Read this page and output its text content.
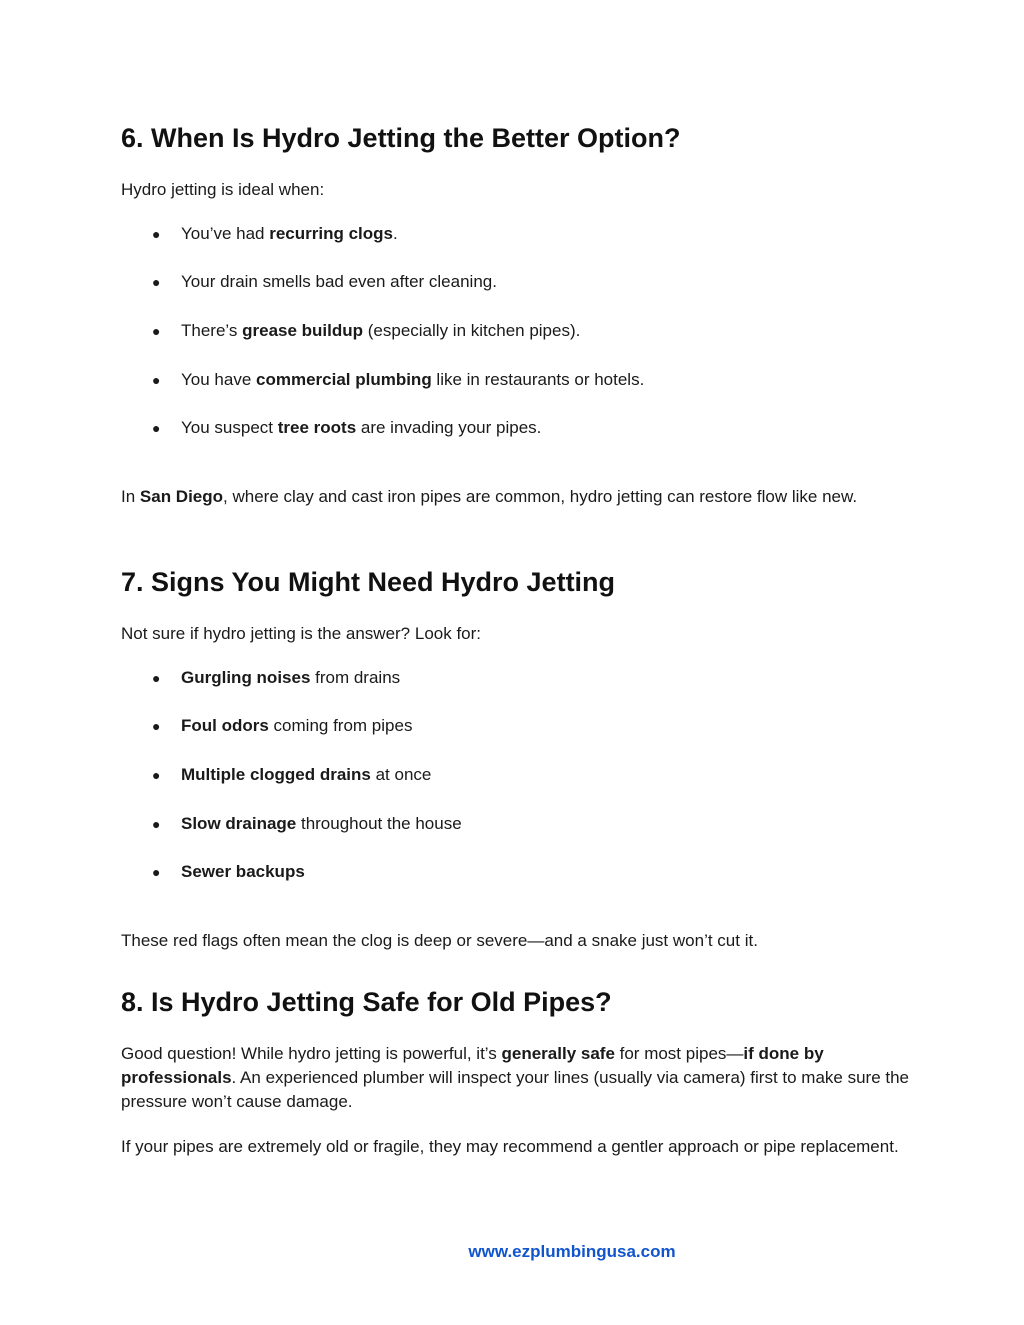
6. When Is Hydro Jetting the Better Option?

Hydro jetting is ideal when:

● You’ve had recurring clogs.
● Your drain smells bad even after cleaning.
● There’s grease buildup (especially in kitchen pipes).
● You have commercial plumbing like in restaurants or hotels.
● You suspect tree roots are invading your pipes.

In San Diego, where clay and cast iron pipes are common, hydro jetting can restore flow like new.

7. Signs You Might Need Hydro Jetting

Not sure if hydro jetting is the answer? Look for:

● Gurgling noises from drains
● Foul odors coming from pipes
● Multiple clogged drains at once
● Slow drainage throughout the house
● Sewer backups

These red flags often mean the clog is deep or severe—and a snake just won’t cut it.

8. Is Hydro Jetting Safe for Old Pipes?

Good question! While hydro jetting is powerful, it’s generally safe for most pipes—if done by professionals. An experienced plumber will inspect your lines (usually via camera) first to make sure the pressure won’t cause damage.

If your pipes are extremely old or fragile, they may recommend a gentler approach or pipe replacement.

www.ezplumbingusa.com
